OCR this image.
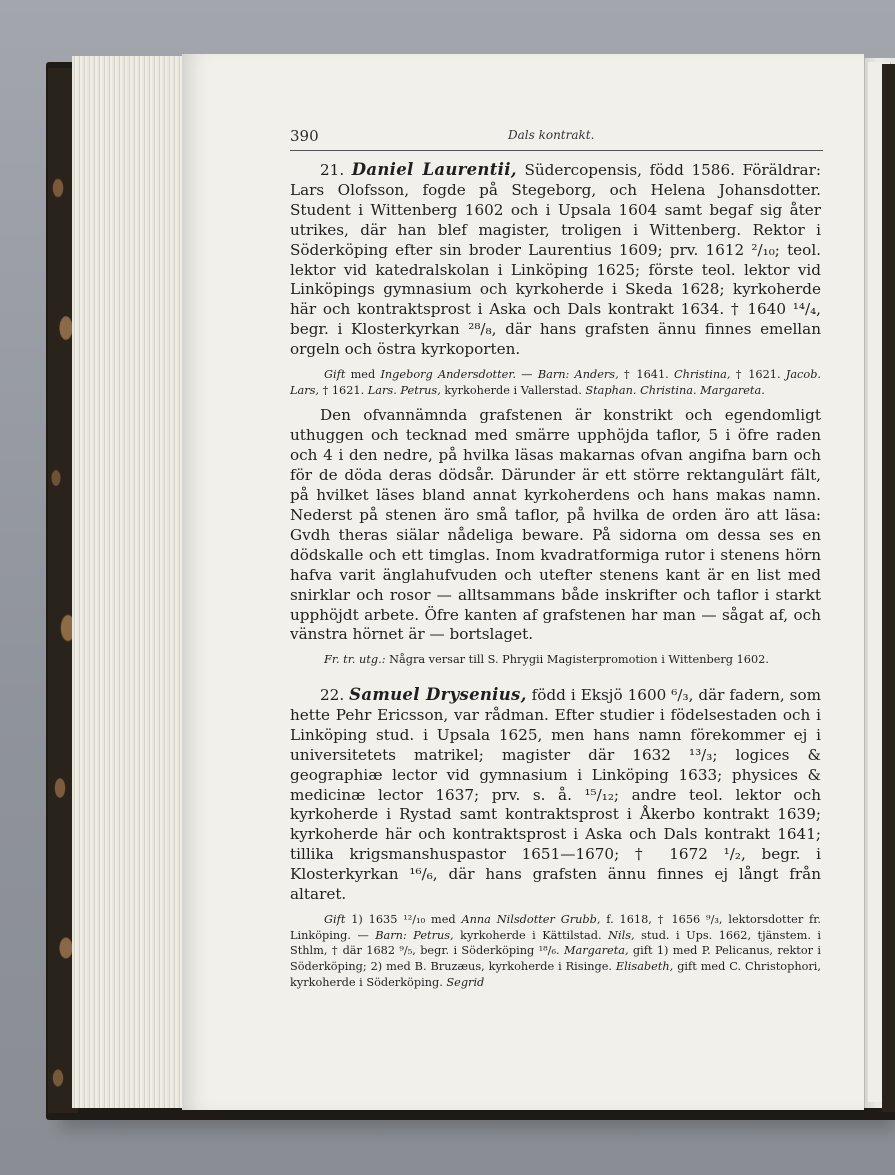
390	Dals kontrakt.

21. Daniel Laurentii, Südercopensis, född 1586. Föräldrar: Lars Olofsson, fogde på Stegeborg, och Helena Johansdotter. Student i Wittenberg 1602 och i Upsala 1604 samt begaf sig åter utrikes, där han blef magister, troligen i Wittenberg. Rektor i Söderköping efter sin broder Laurentius 1609; prv. 1612 ²/₁₀; teol. lektor vid katedralskolan i Linköping 1625; förste teol. lektor vid Linköpings gymnasium och kyrkoherde i Skeda 1628; kyrkoherde här och kontraktsprost i Aska och Dals kontrakt 1634. † 1640 ¹⁴/₄, begr. i Klosterkyrkan ²⁸/₈, där hans grafsten ännu finnes emellan orgeln och östra kyrkoporten.

Gift med Ingeborg Andersdotter. — Barn: Anders, † 1641. Christina, † 1621. Jacob. Lars, † 1621. Lars. Petrus, kyrkoherde i Vallerstad. Staphan. Christina. Margareta.

Den ofvannämnda grafstenen är konstrikt och egendomligt uthuggen och tecknad med smärre upphöjda taflor, 5 i öfre raden och 4 i den nedre, på hvilka läsas makarnas ofvan angifna barn och för de döda deras dödsår. Därunder är ett större rektangulärt fält, på hvilket läses bland annat kyrkoherdens och hans makas namn. Nederst på stenen äro små taflor, på hvilka de orden äro att läsa: Gvdh theras siälar nådeliga beware. På sidorna om dessa ses en dödskalle och ett timglas. Inom kvadratformiga rutor i stenens hörn hafva varit änglahufvuden och utefter stenens kant är en list med snirklar och rosor — alltsammans både inskrifter och taflor i starkt upphöjdt arbete. Öfre kanten af grafstenen har man — sågat af, och vänstra hörnet är — bortslaget.

Fr. tr. utg.: Några versar till S. Phrygii Magisterpromotion i Wittenberg 1602.

22. Samuel Drysenius, född i Eksjö 1600 ⁶/₃, där fadern, som hette Pehr Ericsson, var rådman. Efter studier i födelsestaden och i Linköping stud. i Upsala 1625, men hans namn förekommer ej i universitetets matrikel; magister där 1632 ¹³/₃; logices & geographiæ lector vid gymnasium i Linköping 1633; physices & medicinæ lector 1637; prv. s. å. ¹⁵/₁₂; andre teol. lektor och kyrkoherde i Rystad samt kontraktsprost i Åkerbo kontrakt 1639; kyrkoherde här och kontraktsprost i Aska och Dals kontrakt 1641; tillika krigsmanshuspastor 1651—1670; † 1672 ¹/₂, begr. i Klosterkyrkan ¹⁶/₆, där hans grafsten ännu finnes ej långt från altaret.

Gift 1) 1635 ¹²/₁₀ med Anna Nilsdotter Grubb, f. 1618, † 1656 ⁹/₃, lektorsdotter fr. Linköping. — Barn: Petrus, kyrkoherde i Kättilstad. Nils, stud. i Ups. 1662, tjänstem. i Sthlm, † där 1682 ⁹/₅, begr. i Söderköping ¹⁸/₆. Margareta, gift 1) med P. Pelicanus, rektor i Söderköping; 2) med B. Bruzæus, kyrkoherde i Risinge. Elisabeth, gift med C. Christophori, kyrkoherde i Söderköping. Segrid
